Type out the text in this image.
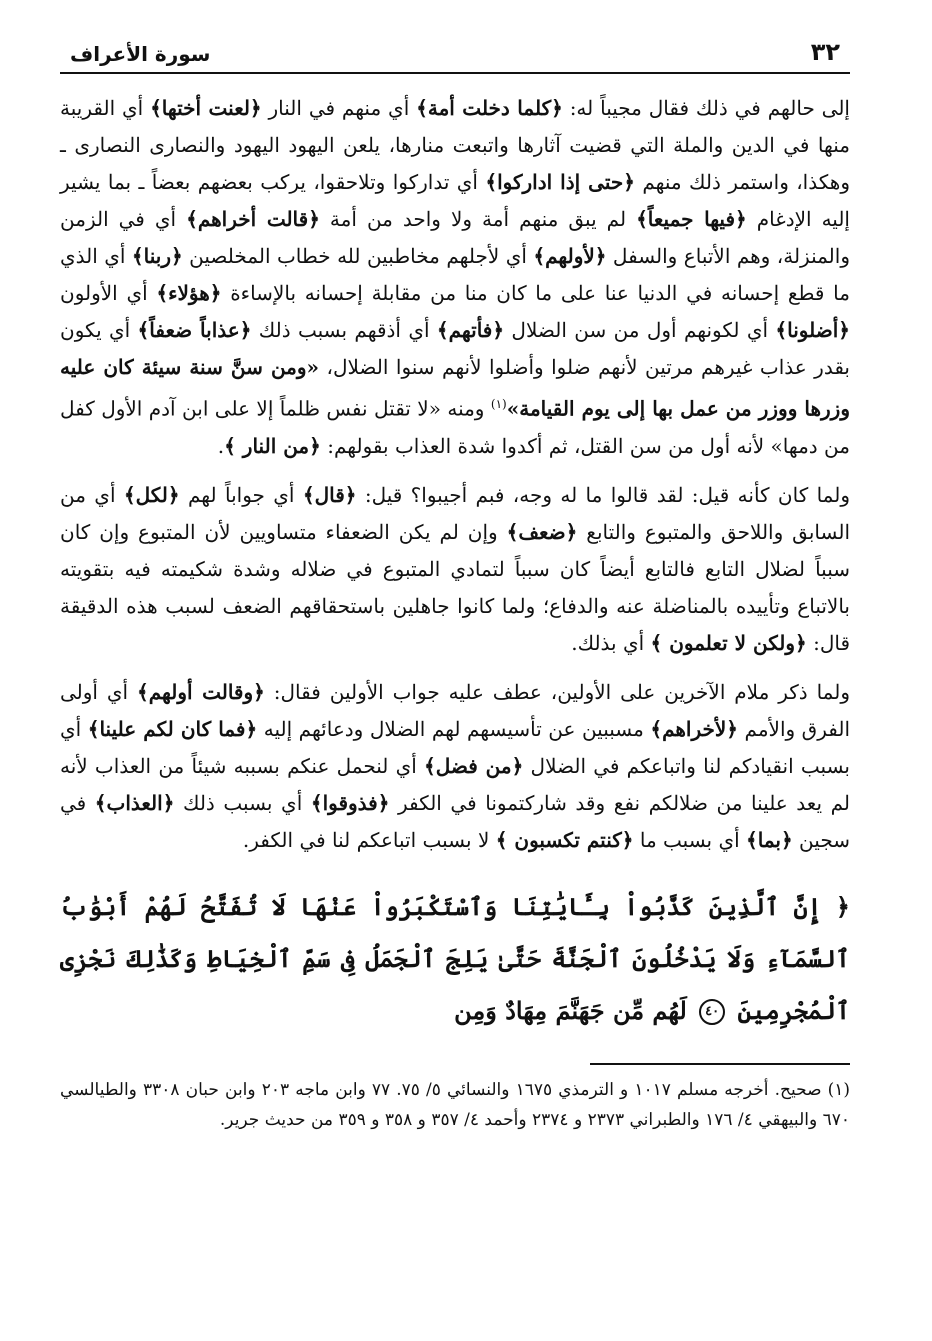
٣٢
سورة الأعراف

إلى حالهم في ذلك فقال مجيباً له: ﴿كلما دخلت أمة﴾ أي منهم في النار ﴿لعنت أختها﴾ أي القريبة منها في الدين والملة التي قضيت آثارها واتبعت منارها، يلعن اليهود اليهود والنصارى النصارى ـ وهكذا، واستمر ذلك منهم ﴿حتى إذا اداركوا﴾ أي تداركوا وتلاحقوا، يركب بعضهم بعضاً ـ بما يشير إليه الإدغام ﴿فيها جميعاً﴾ لم يبق منهم أمة ولا واحد من أمة ﴿قالت أخراهم﴾ أي في الزمن والمنزلة، وهم الأتباع والسفل ﴿لأولهم﴾ أي لأجلهم مخاطبين لله خطاب المخلصين ﴿ربنا﴾ أي الذي ما قطع إحسانه في الدنيا عنا على ما كان منا من مقابلة إحسانه بالإساءة ﴿هؤلاء﴾ أي الأولون ﴿أضلونا﴾ أي لكونهم أول من سن الضلال ﴿فأتهم﴾ أي أذقهم بسبب ذلك ﴿عذاباً ضعفاً﴾ أي يكون بقدر عذاب غيرهم مرتين لأنهم ضلوا وأضلوا لأنهم سنوا الضلال، «ومن سنَّ سنة سيئة كان عليه وزرها ووزر من عمل بها إلى يوم القيامة»$^{(١)}$ ومنه «لا تقتل نفس ظلماً إلا على ابن آدم الأول كفل من دمها» لأنه أول من سن القتل، ثم أكدوا شدة العذاب بقولهم: ﴿من النار ﴾.

ولما كان كأنه قيل: لقد قالوا ما له وجه، فبم أجيبوا؟ قيل: ﴿قال﴾ أي جواباً لهم ﴿لكل﴾ أي من السابق واللاحق والمتبوع والتابع ﴿ضعف﴾ وإن لم يكن الضعفاء متساويين لأن المتبوع وإن كان سبباً لضلال التابع فالتابع أيضاً كان سبباً لتمادي المتبوع في ضلاله وشدة شكيمته فيه بتقويته بالاتباع وتأييده بالمناضلة عنه والدفاع؛ ولما كانوا جاهلين باستحقاقهم الضعف لسبب هذه الدقيقة قال: ﴿ولكن لا تعلمون ﴾ أي بذلك.

ولما ذكر ملام الآخرين على الأولين، عطف عليه جواب الأولين فقال: ﴿وقالت أولهم﴾ أي أولى الفرق والأمم ﴿لأخراهم﴾ مسببين عن تأسيسهم لهم الضلال ودعائهم إليه ﴿فما كان لكم علينا﴾ أي بسبب انقيادكم لنا واتباعكم في الضلال ﴿من فضل﴾ أي لنحمل عنكم بسببه شيئاً من العذاب لأنه لم يعد علينا من ضلالكم نفع وقد شاركتمونا في الكفر ﴿فذوقوا﴾ أي بسبب ذلك ﴿العذاب﴾ في سجين ﴿بما﴾ أي بسبب ما ﴿كنتم تكسبون ﴾ لا بسبب اتباعكم لنا في الكفر.

﴿ إِنَّ ٱلَّذِينَ كَذَّبُواْ بِـَٔايَٰتِنَا وَٱسْتَكْبَرُواْ عَنْهَا لَا تُفَتَّحُ لَهُمْ أَبْوَٰبُ ٱلسَّمَآءِ وَلَا يَدْخُلُونَ ٱلْجَنَّةَ حَتَّىٰ يَلِجَ ٱلْجَمَلُ فِى سَمِّ ٱلْخِيَاطِ وَكَذَٰلِكَ نَجْزِى ٱلْمُجْرِمِينَ ٤٠ لَهُم مِّن جَهَنَّمَ مِهَادٌ وَمِن
(١) صحيح. أخرجه مسلم ١٠١٧ و الترمذي ١٦٧٥ والنسائي ٥/ ٧٥. ٧٧ وابن ماجه ٢٠٣ وابن حبان ٣٣٠٨ والطيالسي ٦٧٠ والبيهقي ٤/ ١٧٦ والطبراني ٢٣٧٣ و ٢٣٧٤ وأحمد ٤/ ٣٥٧ و ٣٥٨ و ٣٥٩ من حديث جرير.
